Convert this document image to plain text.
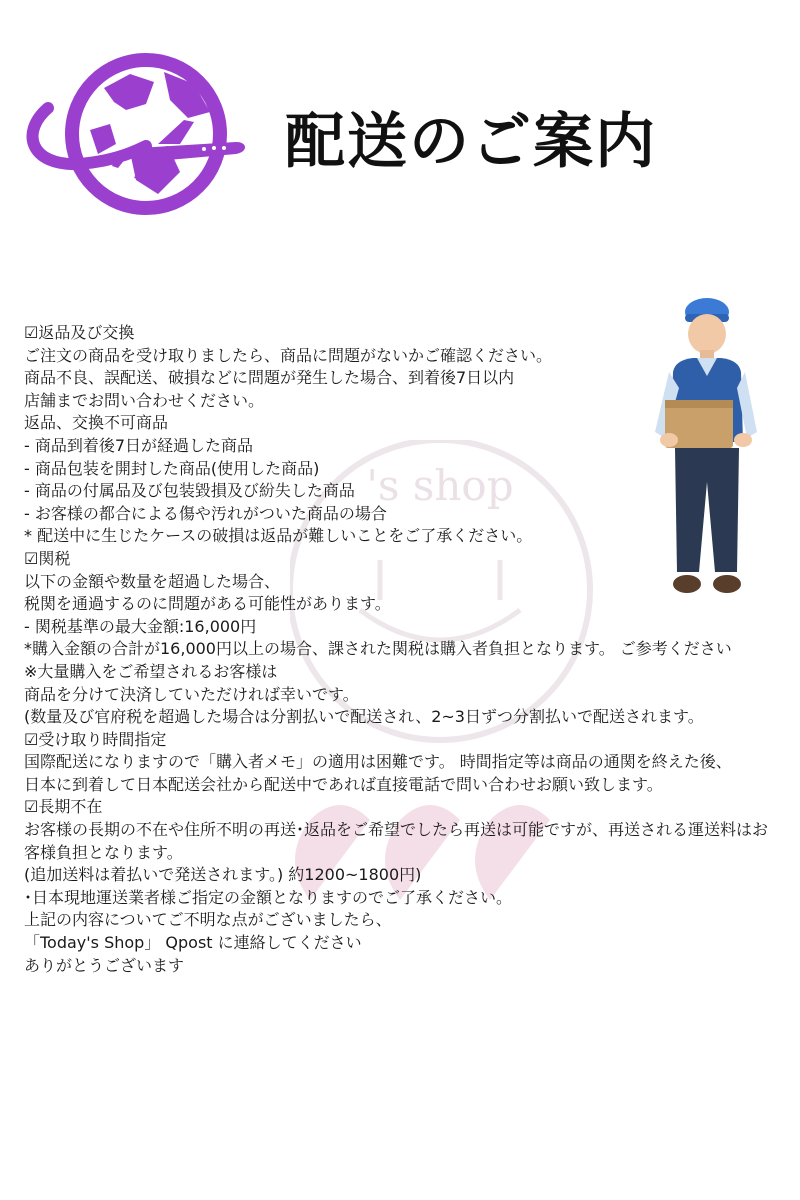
配送のご案内
's shop

☑返品及び交換

ご注文の商品を受け取りましたら、商品に問題がないかご確認ください。

商品不良、誤配送、破損などに問題が発生した場合、到着後7日以内

店舗までお問い合わせください。

返品、交換不可商品

- 商品到着後7日が経過した商品

- 商品包装を開封した商品(使用した商品)

- 商品の付属品及び包装毀損及び紛失した商品

- お客様の都合による傷や汚れがついた商品の場合

* 配送中に生じたケースの破損は返品が難しいことをご了承ください。

☑関税

以下の金額や数量を超過した場合、

税関を通過するのに問題がある可能性があります。

- 関税基準の最大金額:16,000円

*購入金額の合計が16,000円以上の場合、課された関税は購入者負担となります。 ご参考ください

※大量購入をご希望されるお客様は

商品を分けて決済していただければ幸いです。

(数量及び官府税を超過した場合は分割払いで配送され、2~3日ずつ分割払いで配送されます。

☑受け取り時間指定

国際配送になりますので「購入者メモ」の適用は困難です。 時間指定等は商品の通関を終えた後、

日本に到着して日本配送会社から配送中であれば直接電話で問い合わせお願い致します。

☑長期不在

お客様の長期の不在や住所不明の再送･返品をご希望でしたら再送は可能ですが、再送される運送料はお客様負担となります。

(追加送料は着払いで発送されます。) 約1200~1800円)

･日本現地運送業者様ご指定の金額となりますのでご了承ください。

上記の内容についてご不明な点がございましたら、

「Today's Shop」 Qpost に連絡してください

ありがとうございます
